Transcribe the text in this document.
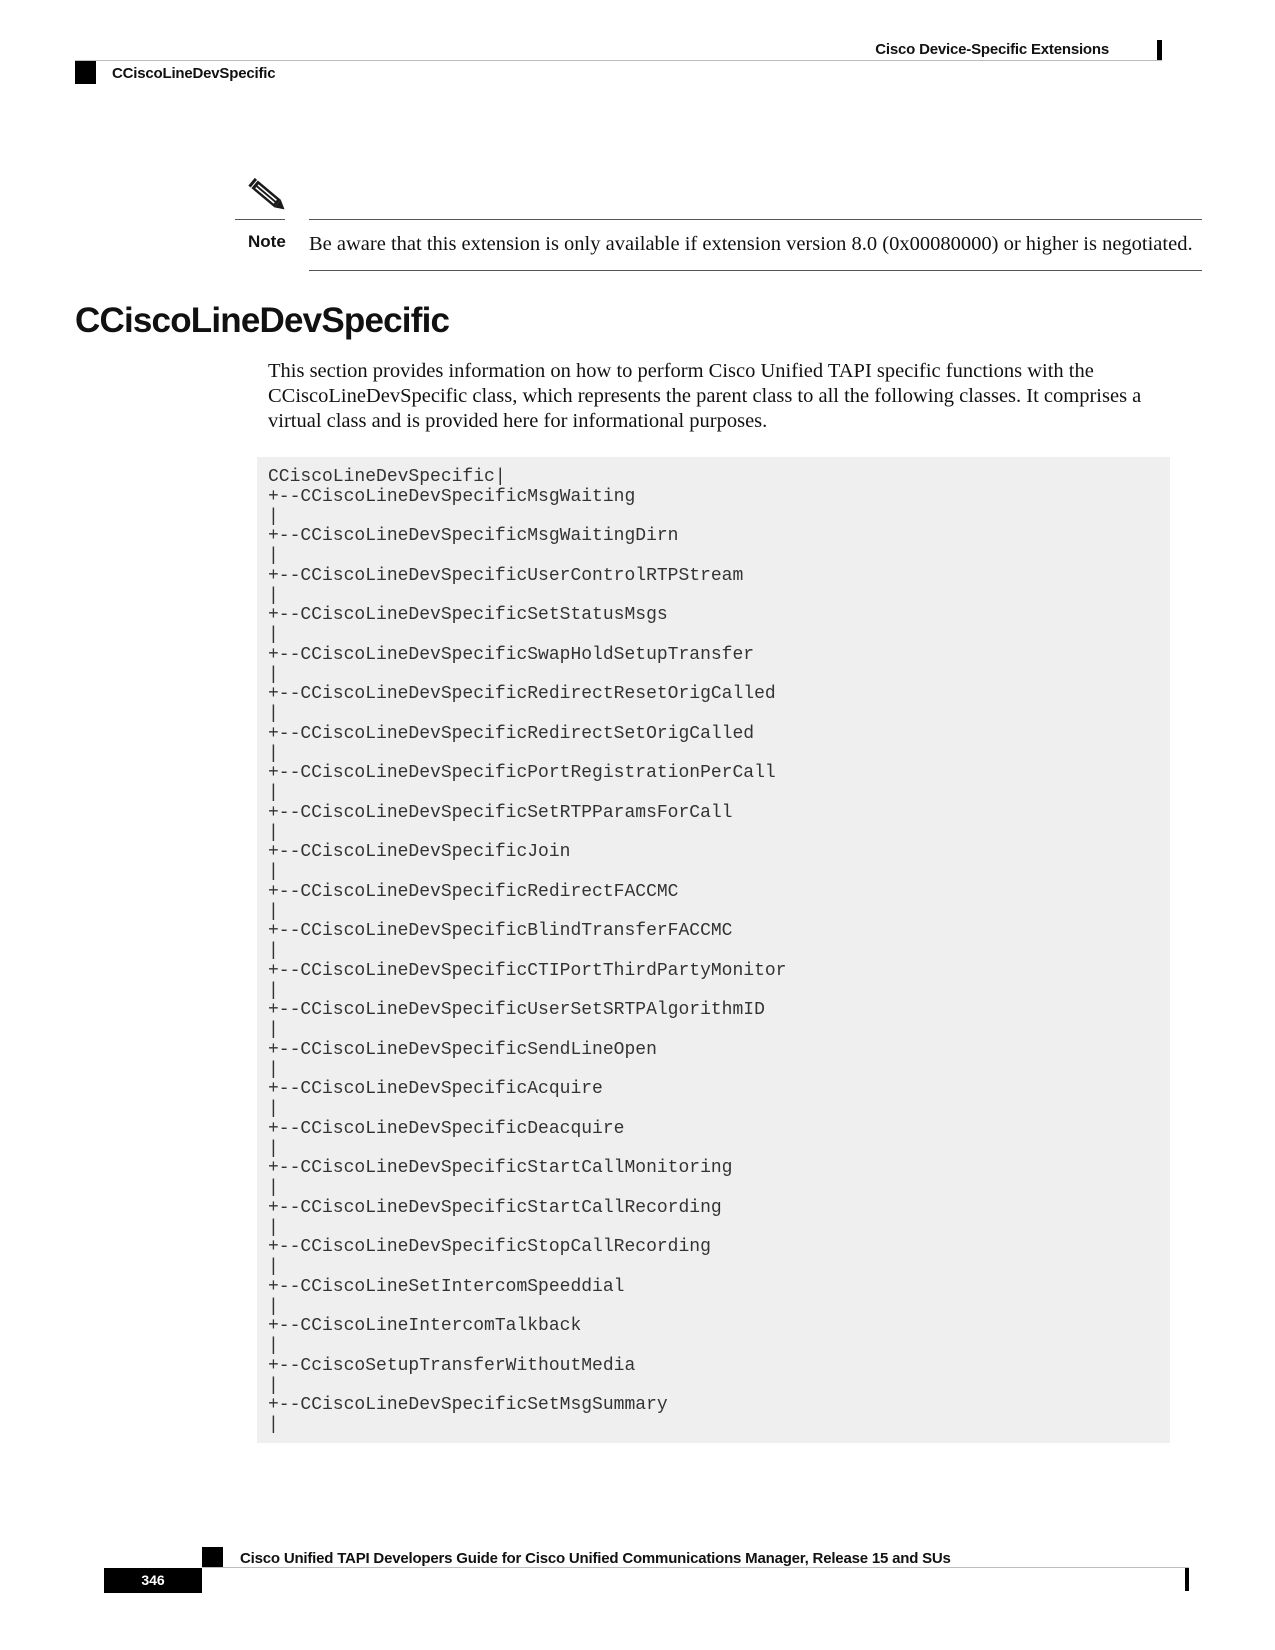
Cisco Device-Specific Extensions
CCiscoLineDevSpecific
Note Be aware that this extension is only available if extension version 8.0 (0x00080000) or higher is negotiated.
CCiscoLineDevSpecific

This section provides information on how to perform Cisco Unified TAPI specific functions with the CCiscoLineDevSpecific class, which represents the parent class to all the following classes. It comprises a virtual class and is provided here for informational purposes.

CCiscoLineDevSpecific|
+--CCiscoLineDevSpecificMsgWaiting
|
+--CCiscoLineDevSpecificMsgWaitingDirn
|
+--CCiscoLineDevSpecificUserControlRTPStream
|
+--CCiscoLineDevSpecificSetStatusMsgs
|
+--CCiscoLineDevSpecificSwapHoldSetupTransfer
|
+--CCiscoLineDevSpecificRedirectResetOrigCalled
|
+--CCiscoLineDevSpecificRedirectSetOrigCalled
|
+--CCiscoLineDevSpecificPortRegistrationPerCall
|
+--CCiscoLineDevSpecificSetRTPParamsForCall
|
+--CCiscoLineDevSpecificJoin
|
+--CCiscoLineDevSpecificRedirectFACCMC
|
+--CCiscoLineDevSpecificBlindTransferFACCMC
|
+--CCiscoLineDevSpecificCTIPortThirdPartyMonitor
|
+--CCiscoLineDevSpecificUserSetSRTPAlgorithmID
|
+--CCiscoLineDevSpecificSendLineOpen
|
+--CCiscoLineDevSpecificAcquire
|
+--CCiscoLineDevSpecificDeacquire
|
+--CCiscoLineDevSpecificStartCallMonitoring
|
+--CCiscoLineDevSpecificStartCallRecording
|
+--CCiscoLineDevSpecificStopCallRecording
|
+--CCiscoLineSetIntercomSpeeddial
|
+--CCiscoLineIntercomTalkback
|
+--CciscoSetupTransferWithoutMedia
|
+--CCiscoLineDevSpecificSetMsgSummary
|
Cisco Unified TAPI Developers Guide for Cisco Unified Communications Manager, Release 15 and SUs
346
